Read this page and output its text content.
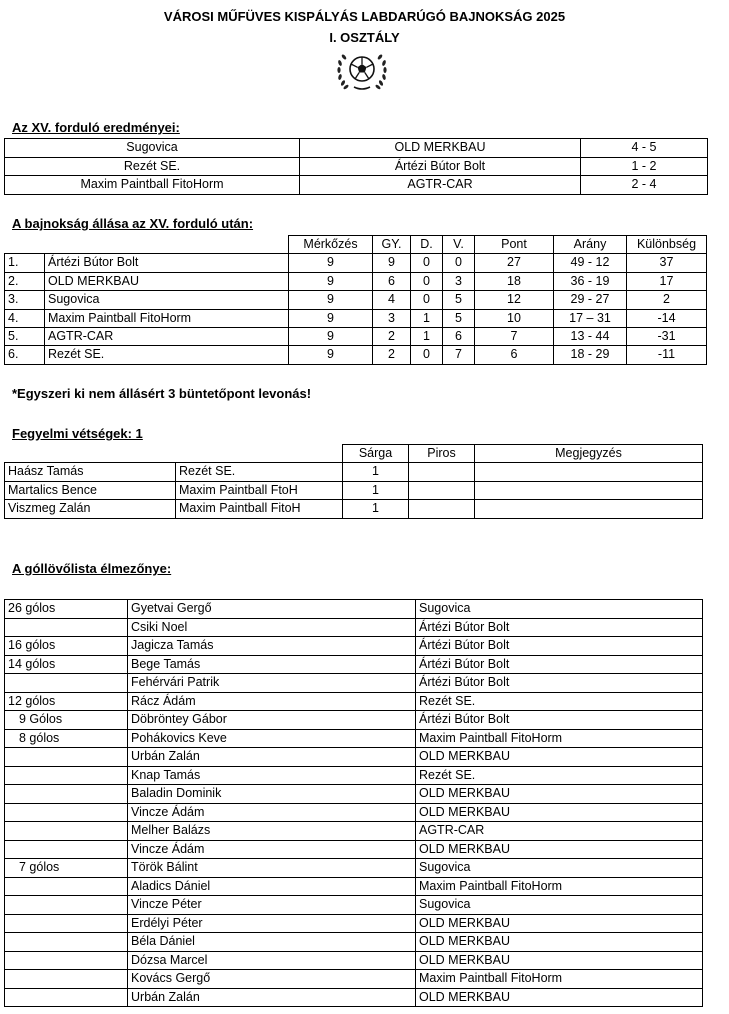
VÁROSI MŰFÜVES KISPÁLYÁS LABDARÚGÓ BAJNOKSÁG 2025
I. OSZTÁLY
Az XV. forduló eredményei:
Sugovica	OLD MERKBAU	4 - 5
Rezét SE.	Ártézi Bútor Bolt	1 - 2
Maxim Paintball FitoHorm	AGTR-CAR	2 - 4
A bajnokság állása az XV. forduló után:
		Mérkőzés	GY.	D.	V.	Pont	Arány	Különbség
1.	Ártézi Bútor Bolt	9	9	0	0	27	49 - 12	37
2.	OLD MERKBAU	9	6	0	3	18	36 - 19	17
3.	Sugovica	9	4	0	5	12	29 - 27	2
4.	Maxim Paintball FitoHorm	9	3	1	5	10	17 – 31	-14
5.	AGTR-CAR	9	2	1	6	7	13 - 44	-31
6.	Rezét SE.	9	2	0	7	6	18 - 29	-11
*Egyszeri ki nem állásért 3 büntetőpont levonás!
Fegyelmi vétségek: 1
		Sárga	Piros	Megjegyzés
Haász Tamás	Rezét SE.	1		
Martalics Bence	Maxim Paintball FtoH	1		
Viszmeg Zalán	Maxim Paintball FitoH	1		
A góllövőlista élmezőnye:
26 gólos	Gyetvai Gergő	Sugovica
	Csiki Noel	Ártézi Bútor Bolt
16 gólos	Jagicza Tamás	Ártézi Bútor Bolt
14 gólos	Bege Tamás	Ártézi Bútor Bolt
	Fehérvári Patrik	Ártézi Bútor Bolt
12 gólos	Rácz Ádám	Rezét SE.
9 Gólos	Döbröntey Gábor	Ártézi Bútor Bolt
8 gólos	Pohákovics Keve	Maxim Paintball FitoHorm
	Urbán Zalán	OLD MERKBAU
	Knap Tamás	Rezét SE.
	Baladin Dominik	OLD MERKBAU
	Vincze Ádám	OLD MERKBAU
	Melher Balázs	AGTR-CAR
	Vincze Ádám	OLD MERKBAU
7 gólos	Török Bálint	Sugovica
	Aladics Dániel	Maxim Paintball FitoHorm
	Vincze Péter	Sugovica
	Erdélyi Péter	OLD MERKBAU
	Béla Dániel	OLD MERKBAU
	Dózsa Marcel	OLD MERKBAU
	Kovács Gergő	Maxim Paintball FitoHorm
	Urbán Zalán	OLD MERKBAU
